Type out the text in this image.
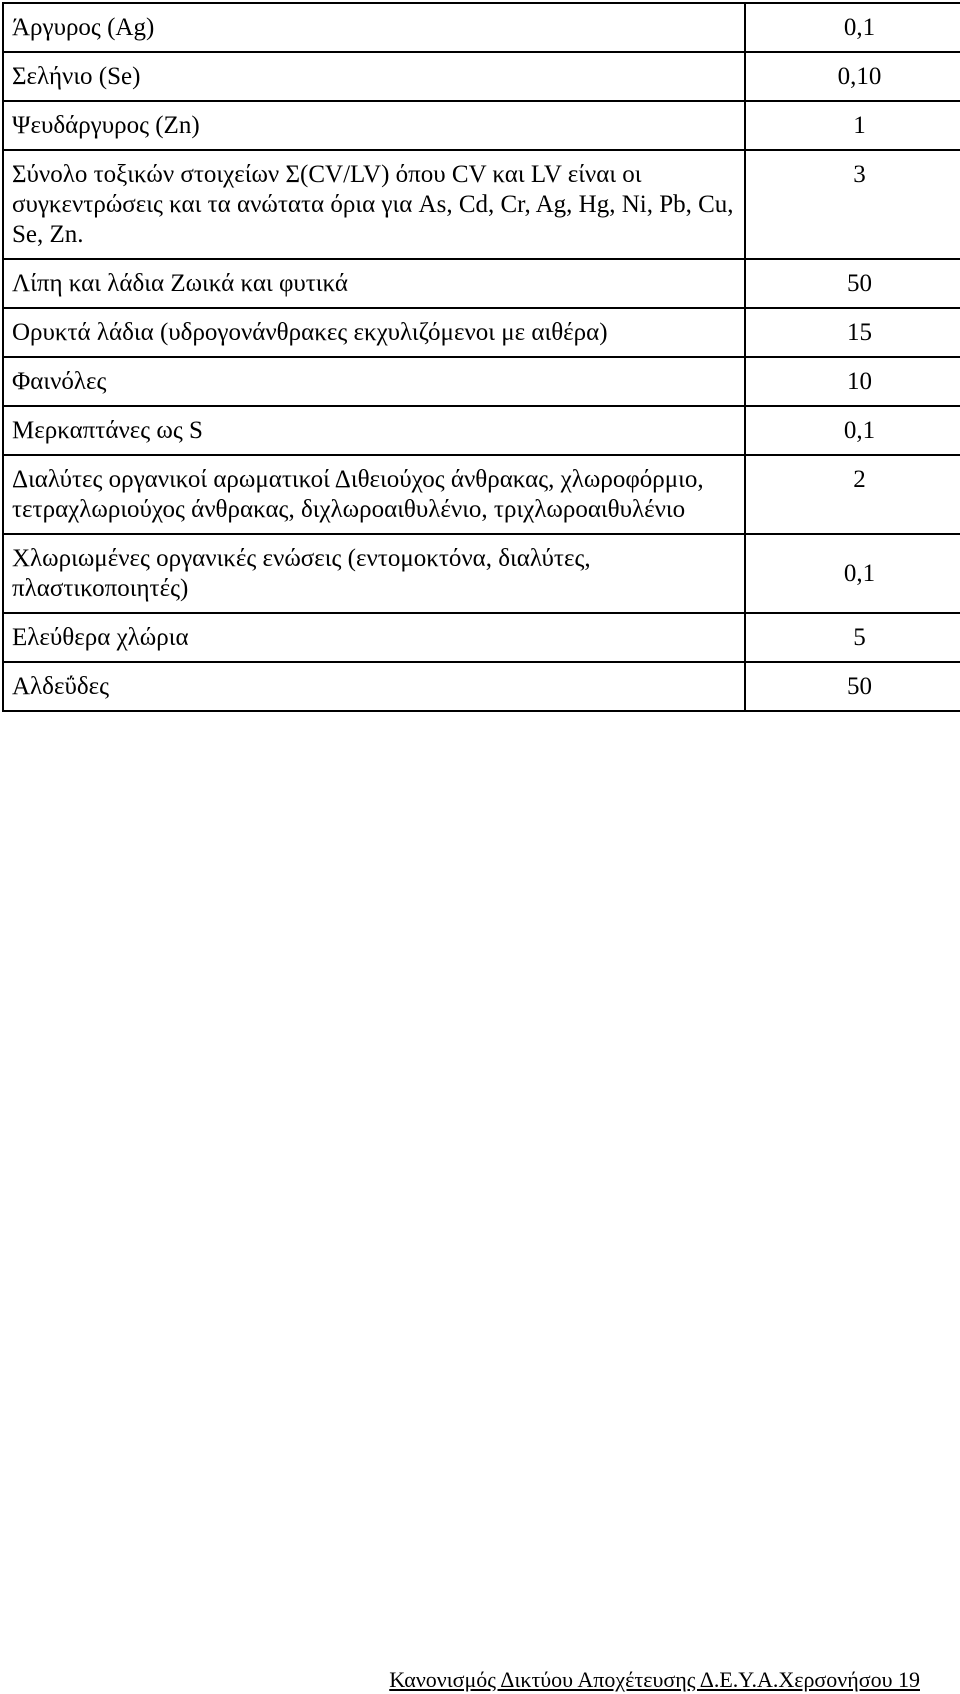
Άργυρος (Ag)	0,1
Σελήνιο (Se)	0,10
Ψευδάργυρος (Zn)	1
Σύνολο τοξικών στοιχείων Σ(CV/LV) όπου CV και LV είναι οι συγκεντρώσεις και τα ανώτατα όρια για As, Cd, Cr, Ag, Hg, Ni, Pb, Cu, Se, Zn.	3
Λίπη και λάδια Ζωικά και φυτικά	50
Ορυκτά λάδια (υδρογονάνθρακες εκχυλιζόμενοι με αιθέρα)	15
Φαινόλες	10
Μερκαπτάνες ως S	0,1
Διαλύτες οργανικοί αρωματικοί Διθειούχος άνθρακας, χλωροφόρμιο, τετραχλωριούχος άνθρακας, διχλωροαιθυλένιο, τριχλωροαιθυλένιο	2
Χλωριωμένες οργανικές ενώσεις (εντομοκτόνα, διαλύτες, πλαστικοποιητές)	0,1
Ελεύθερα χλώρια	5
Αλδεΰδες	50
Κανονισμός Δικτύου Αποχέτευσης Δ.Ε.Υ.Α.Χερσονήσου 19
